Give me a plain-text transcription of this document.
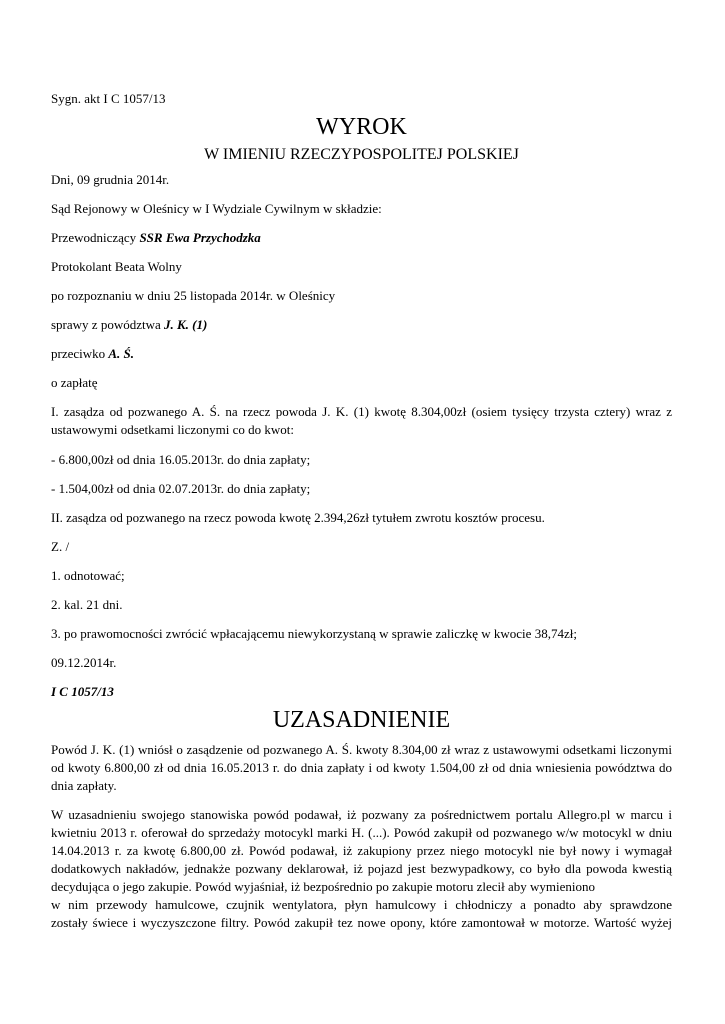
Sygn. akt I C 1057/13

WYROK

W IMIENIU RZECZYPOSPOLITEJ POLSKIEJ

Dni, 09 grudnia 2014r.

Sąd Rejonowy w Oleśnicy w I Wydziale Cywilnym w składzie:

Przewodniczący SSR Ewa Przychodzka

Protokolant Beata Wolny

po rozpoznaniu w dniu 25 listopada 2014r. w Oleśnicy

sprawy z powództwa J. K. (1)

przeciwko A. Ś.

o zapłatę

I. zasądza od pozwanego A. Ś. na rzecz powoda J. K. (1) kwotę 8.304,00zł (osiem tysięcy trzysta cztery) wraz z ustawowymi odsetkami liczonymi co do kwot:

- 6.800,00zł od dnia 16.05.2013r. do dnia zapłaty;

- 1.504,00zł od dnia 02.07.2013r. do dnia zapłaty;

II. zasądza od pozwanego na rzecz powoda kwotę 2.394,26zł tytułem zwrotu kosztów procesu.

Z. /

1. odnotować;

2. kal. 21 dni.

3. po prawomocności zwrócić wpłacającemu niewykorzystaną w sprawie zaliczkę w kwocie 38,74zł;

09.12.2014r.

I C 1057/13

UZASADNIENIE

Powód J. K. (1) wniósł o zasądzenie od pozwanego A. Ś. kwoty 8.304,00 zł wraz z ustawowymi odsetkami liczonymi od kwoty 6.800,00 zł od dnia 16.05.2013 r. do dnia zapłaty i od kwoty 1.504,00 zł od dnia wniesienia powództwa do dnia zapłaty.

W uzasadnieniu swojego stanowiska powód podawał, iż pozwany za pośrednictwem portalu Allegro.pl w marcu i
kwietniu 2013 r. oferował do sprzedaży motocykl marki H. (...). Powód zakupił od pozwanego w/w motocykl w dniu
14.04.2013 r. za kwotę 6.800,00 zł. Powód podawał, iż zakupiony przez niego motocykl nie był nowy i wymagał
dodatkowych nakładów, jednakże pozwany deklarował, iż pojazd jest bezwypadkowy, co było dla powoda kwestią
decydująca o jego zakupie. Powód wyjaśniał, iż bezpośrednio po zakupie motoru zlecił aby wymieniono
w nim przewody hamulcowe, czujnik wentylatora, płyn hamulcowy i chłodniczy a ponadto aby sprawdzone
zostały świece i wyczyszczone filtry. Powód zakupił tez nowe opony, które zamontował w motorze. Wartość wyżej
